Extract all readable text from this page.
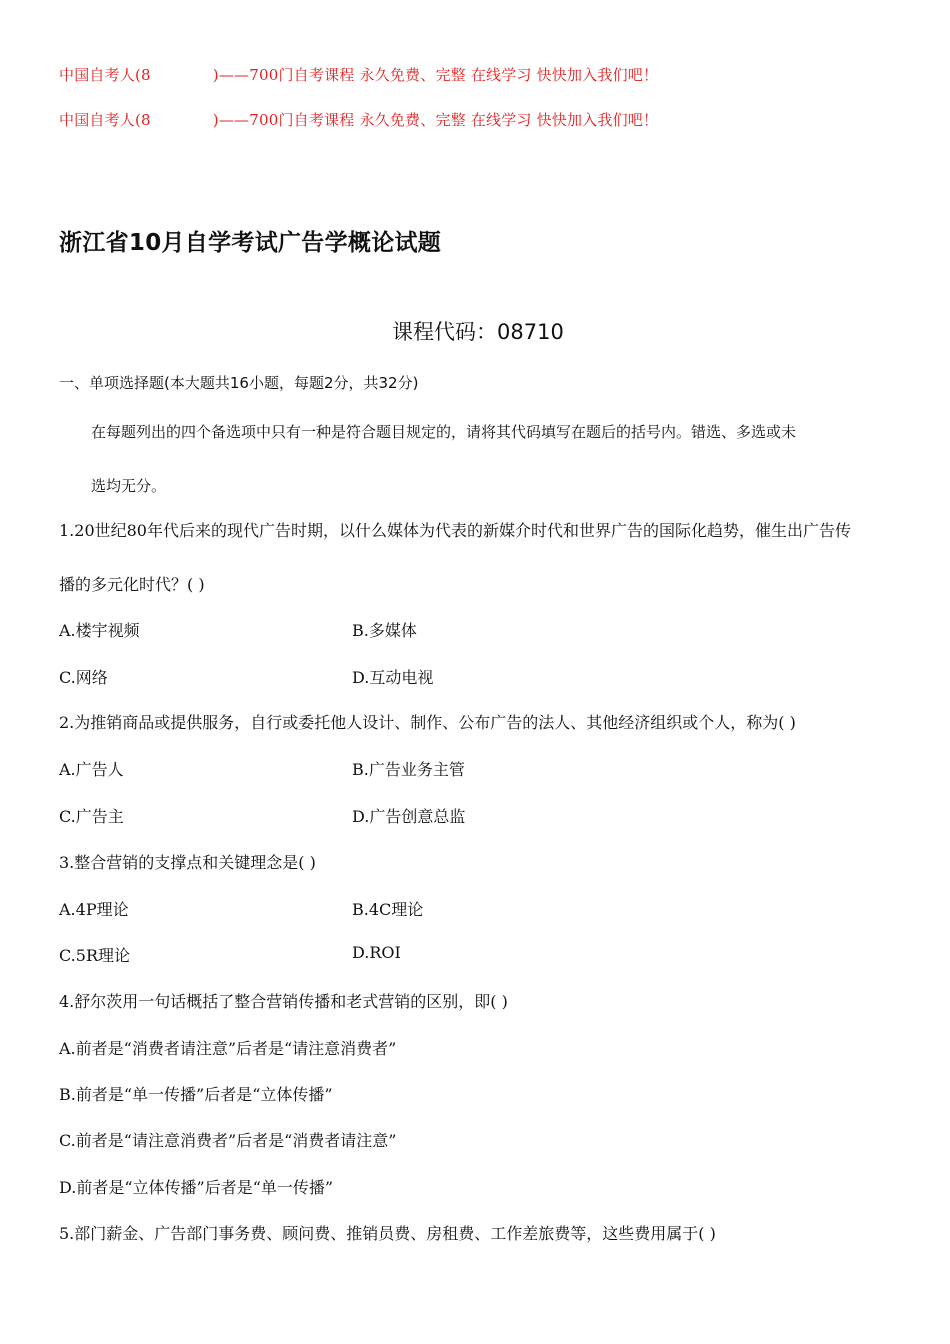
中国自考人(8	)——700门自考课程 永久免费、完整 在线学习 快快加入我们吧！
中国自考人(8	)——700门自考课程 永久免费、完整 在线学习 快快加入我们吧！
浙江省10月自学考试广告学概论试题
课程代码：08710
一、单项选择题(本大题共16小题，每题2分，共32分)
在每题列出的四个备选项中只有一种是符合题目规定的，请将其代码填写在题后的括号内。错选、多选或未
选均无分。
1.20世纪80年代后来的现代广告时期，以什么媒体为代表的新媒介时代和世界广告的国际化趋势，催生出广告传
播的多元化时代？( )
A.楼宇视频	B.多媒体
C.网络	D.互动电视
2.为推销商品或提供服务，自行或委托他人设计、制作、公布广告的法人、其他经济组织或个人，称为( )
A.广告人	B.广告业务主管
C.广告主	D.广告创意总监
3.整合营销的支撑点和关键理念是( )
A.4P理论	B.4C理论
C.5R理论	D.ROI
4.舒尔茨用一句话概括了整合营销传播和老式营销的区别，即( )
A.前者是“消费者请注意”后者是“请注意消费者”
B.前者是“单一传播”后者是“立体传播”
C.前者是“请注意消费者”后者是“消费者请注意”
D.前者是“立体传播”后者是“单一传播”
5.部门薪金、广告部门事务费、顾问费、推销员费、房租费、工作差旅费等，这些费用属于( )
